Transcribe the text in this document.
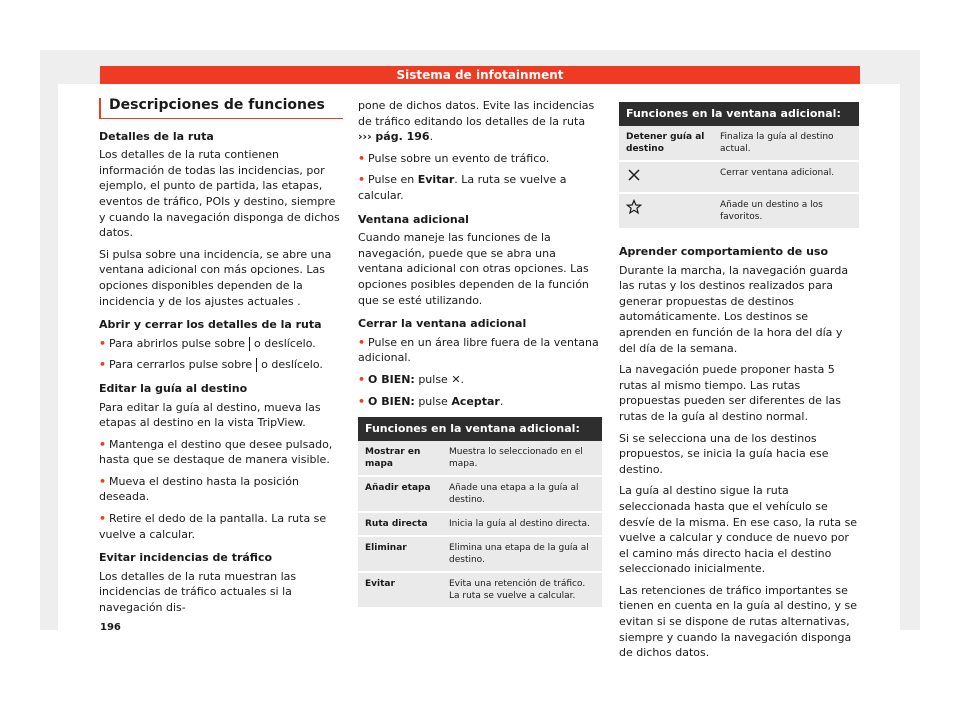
Sistema de infotainment
Descripciones de funciones
Detalles de la ruta

Los detalles de la ruta contienen información de todas las incidencias, por ejemplo, el punto de partida, las etapas, eventos de tráfico, POIs y destino, siempre y cuando la navegación disponga de dichos datos.

Si pulsa sobre una incidencia, se abre una ventana adicional con más opciones. Las opciones disponibles dependen de la incidencia y de los ajustes actuales .

Abrir y cerrar los detalles de la ruta
• Para abrirlos pulse sobre o deslícelo.
• Para cerrarlos pulse sobre o deslícelo.
Editar la guía al destino

Para editar la guía al destino, mueva las etapas al destino en la vista TripView.

• Mantenga el destino que desee pulsado, hasta que se destaque de manera visible.
• Mueva el destino hasta la posición deseada.
• Retire el dedo de la pantalla. La ruta se vuelve a calcular.
Evitar incidencias de tráfico

Los detalles de la ruta muestran las incidencias de tráfico actuales si la navegación dis-

pone de dichos datos. Evite las incidencias de tráfico editando los detalles de la ruta ››› pág. 196.

• Pulse sobre un evento de tráfico.
• Pulse en Evitar. La ruta se vuelve a calcular.
Ventana adicional

Cuando maneje las funciones de la navegación, puede que se abra una ventana adicional con otras opciones. Las opciones posibles dependen de la función que se esté utilizando.

Cerrar la ventana adicional
• Pulse en un área libre fuera de la ventana adicional.
• O BIEN: pulse ✕.
• O BIEN: pulse Aceptar.
Funciones en la ventana adicional:	
Mostrar en mapa	Muestra lo seleccionado en el mapa.
Añadir etapa	Añade una etapa a la guía al destino.
Ruta directa	Inicia la guía al destino directa.
Eliminar	Elimina una etapa de la guía al destino.
Evitar	Evita una retención de tráfico. La ruta se vuelve a calcular.
Funciones en la ventana adicional:	
Detener guía al destino	Finaliza la guía al destino actual.
	Cerrar ventana adicional.
	Añade un destino a los favoritos.
Aprender comportamiento de uso

Durante la marcha, la navegación guarda las rutas y los destinos realizados para generar propuestas de destinos automáticamente. Los destinos se aprenden en función de la hora del día y del día de la semana.

La navegación puede proponer hasta 5 rutas al mismo tiempo. Las rutas propuestas pueden ser diferentes de las rutas de la guía al destino normal.

Si se selecciona una de los destinos propuestos, se inicia la guía hacia ese destino.

La guía al destino sigue la ruta seleccionada hasta que el vehículo se desvíe de la misma. En ese caso, la ruta se vuelve a calcular y conduce de nuevo por el camino más directo hacia el destino seleccionado inicialmente.

Las retenciones de tráfico importantes se tienen en cuenta en la guía al destino, y se evitan si se dispone de rutas alternativas, siempre y cuando la navegación disponga de dichos datos.

196
